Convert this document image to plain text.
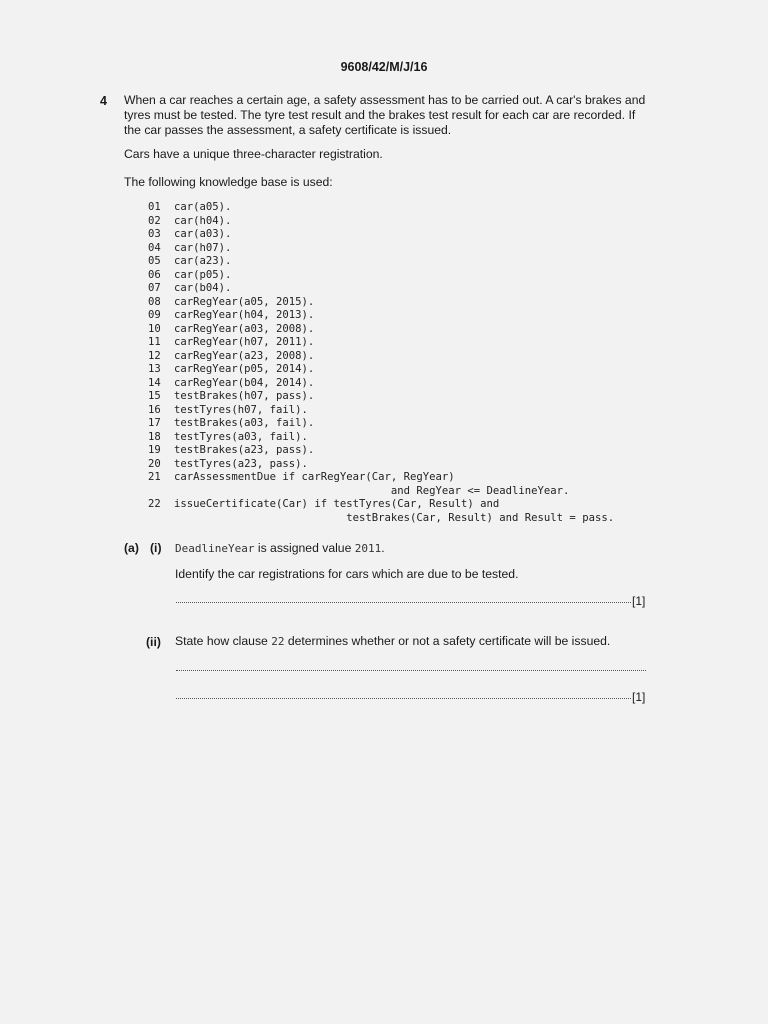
9608/42/M/J/16
4 When a car reaches a certain age, a safety assessment has to be carried out. A car's brakes and tyres must be tested. The tyre test result and the brakes test result for each car are recorded. If the car passes the assessment, a safety certificate is issued.
Cars have a unique three-character registration.
The following knowledge base is used:
01 car(a05).
02 car(h04).
03 car(a03).
04 car(h07).
05 car(a23).
06 car(p05).
07 car(b04).
08 carRegYear(a05, 2015).
09 carRegYear(h04, 2013).
10 carRegYear(a03, 2008).
11 carRegYear(h07, 2011).
12 carRegYear(a23, 2008).
13 carRegYear(p05, 2014).
14 carRegYear(b04, 2014).
15 testBrakes(h07, pass).
16 testTyres(h07, fail).
17 testBrakes(a03, fail).
18 testTyres(a03, fail).
19 testBrakes(a23, pass).
20 testTyres(a23, pass).
21 carAssessmentDue if carRegYear(Car, RegYear)
and RegYear <= DeadlineYear.
22 issueCertificate(Car) if testTyres(Car, Result) and
testBrakes(Car, Result) and Result = pass.
(a) (i) DeadlineYear is assigned value 2011.
Identify the car registrations for cars which are due to be tested.
[1]
(ii) State how clause 22 determines whether or not a safety certificate will be issued.
[1]
